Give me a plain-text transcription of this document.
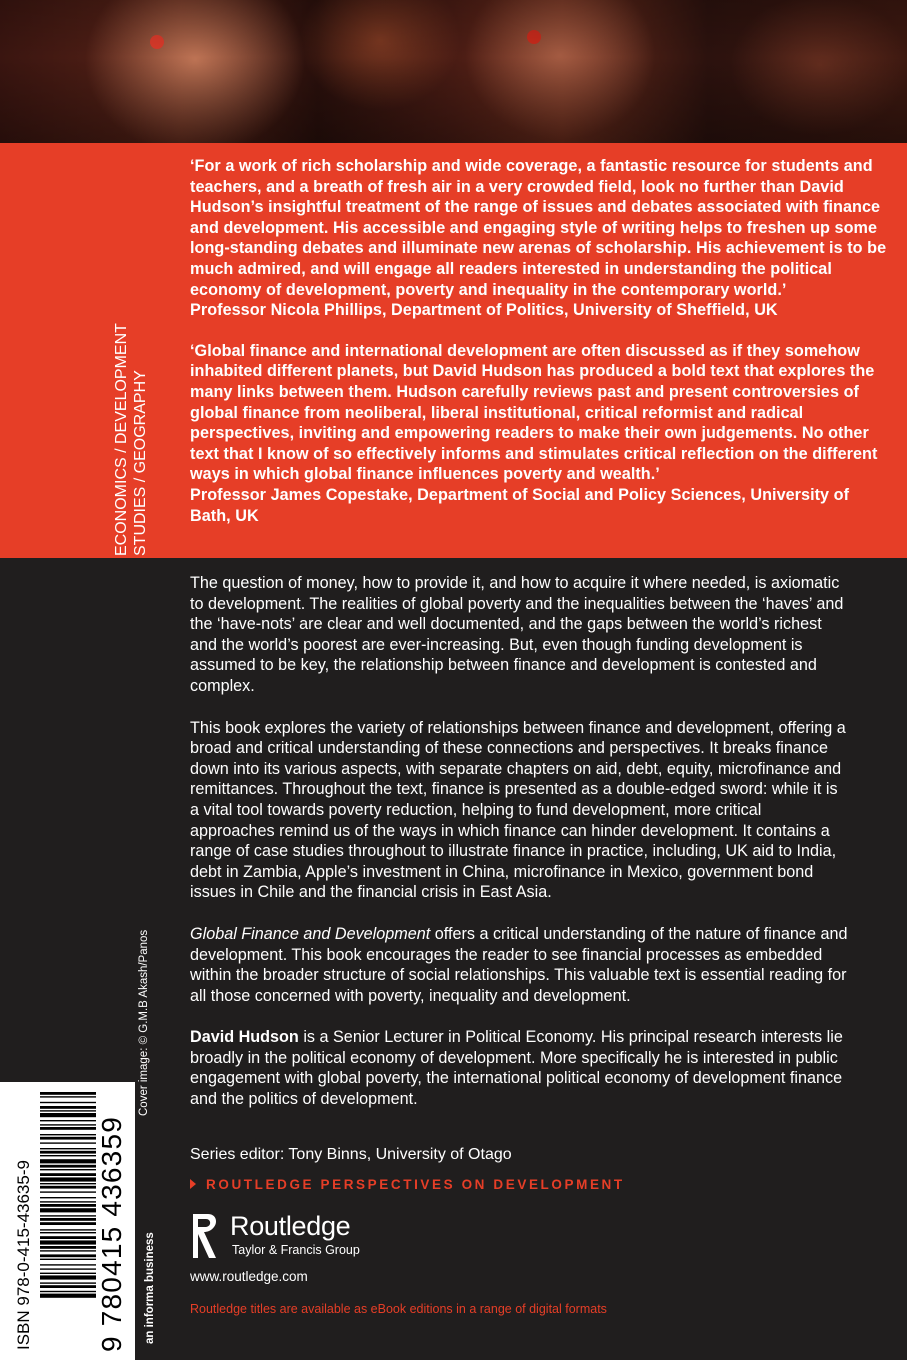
ECONOMICS / DEVELOPMENT STUDIES / GEOGRAPHY

‘For a work of rich scholarship and wide coverage, a fantastic resource for students and teachers, and a breath of fresh air in a very crowded field, look no further than David Hudson’s insightful treatment of the range of issues and debates associated with finance and development. His accessible and engaging style of writing helps to freshen up some long-standing debates and illuminate new arenas of scholarship. His achievement is to be much admired, and will engage all readers interested in understanding the political economy of development, poverty and inequality in the contemporary world.’

Professor Nicola Phillips, Department of Politics, University of Sheffield, UK

‘Global finance and international development are often discussed as if they somehow inhabited different planets, but David Hudson has produced a bold text that explores the many links between them. Hudson carefully reviews past and present controversies of global finance from neoliberal, liberal institutional, critical reformist and radical perspectives, inviting and empowering readers to make their own judgements. No other text that I know of so effectively informs and stimulates critical reflection on the different ways in which global finance influences poverty and wealth.’

Professor James Copestake, Department of Social and Policy Sciences, University of Bath, UK

The question of money, how to provide it, and how to acquire it where needed, is axiomatic to development. The realities of global poverty and the inequalities between the ‘haves’ and the ‘have-nots’ are clear and well documented, and the gaps between the world’s richest and the world’s poorest are ever-increasing. But, even though funding development is assumed to be key, the relationship between finance and development is contested and complex.

This book explores the variety of relationships between finance and development, offering a broad and critical understanding of these connections and perspectives. It breaks finance down into its various aspects, with separate chapters on aid, debt, equity, microfinance and remittances. Throughout the text, finance is presented as a double-edged sword: while it is a vital tool towards poverty reduction, helping to fund development, more critical approaches remind us of the ways in which finance can hinder development. It contains a range of case studies throughout to illustrate finance in practice, including, UK aid to India, debt in Zambia, Apple’s investment in China, microfinance in Mexico, government bond issues in Chile and the financial crisis in East Asia.

Global Finance and Development offers a critical understanding of the nature of finance and development. This book encourages the reader to see financial processes as embedded within the broader structure of social relationships. This valuable text is essential reading for all those concerned with poverty, inequality and development.

David Hudson is a Senior Lecturer in Political Economy. His principal research interests lie broadly in the political economy of development. More specifically he is interested in public engagement with global poverty, the international political economy of development finance and the politics of development.

Series editor: Tony Binns, University of Otago
ROUTLEDGE PERSPECTIVES ON DEVELOPMENT
Routledge
Taylor & Francis Group
www.routledge.com
Routledge titles are available as eBook editions in a range of digital formats
Cover image: © G.M.B Akash/Panos
an informa business
ISBN 978-0-415-43635-9 9 780415 436359
